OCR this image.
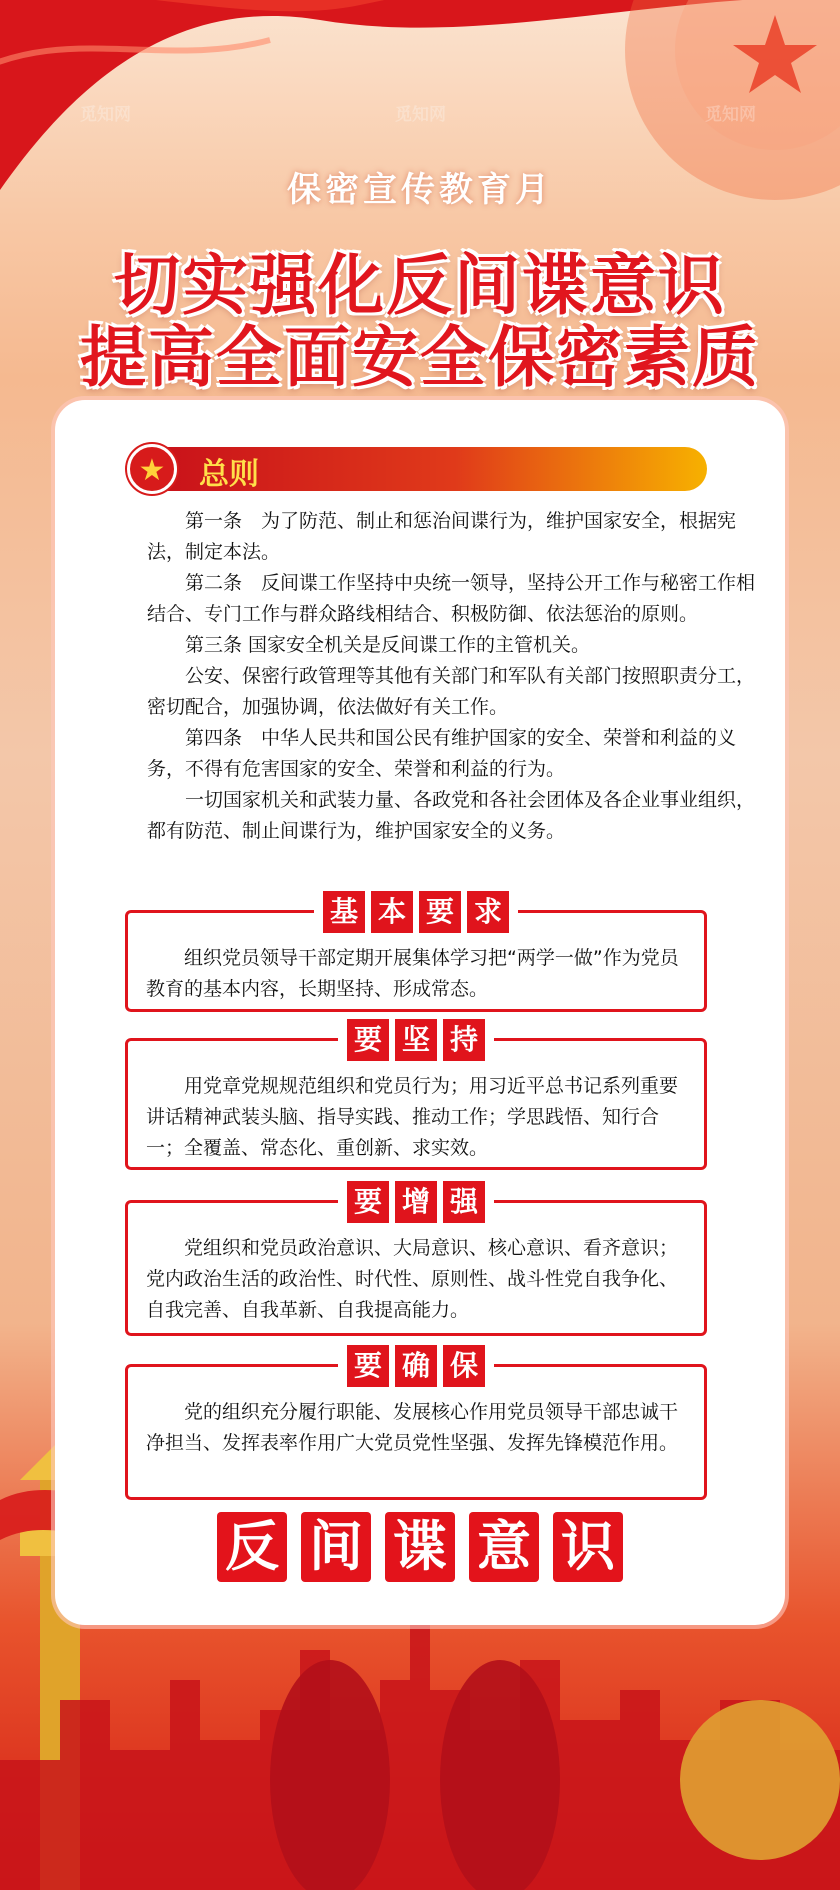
保密宣传教育月
切实强化反间谍意识
提高全面安全保密素质
★	总则

第一条　为了防范、制止和惩治间谍行为，维护国家安全，根据宪法，制定本法。

第二条　反间谍工作坚持中央统一领导，坚持公开工作与秘密工作相结合、专门工作与群众路线相结合、积极防御、依法惩治的原则。

第三条 国家安全机关是反间谍工作的主管机关。

公安、保密行政管理等其他有关部门和军队有关部门按照职责分工，密切配合，加强协调，依法做好有关工作。

第四条　中华人民共和国公民有维护国家的安全、荣誉和利益的义务，不得有危害国家的安全、荣誉和利益的行为。

一切国家机关和武装力量、各政党和各社会团体及各企业事业组织，都有防范、制止间谍行为，维护国家安全的义务。

基 本 要 求
组织党员领导干部定期开展集体学习把“两学一做”作为党员教育的基本内容，长期坚持、形成常态。
要 坚 持
用党章党规规范组织和党员行为；用习近平总书记系列重要讲话精神武装头脑、指导实践、推动工作；学思践悟、知行合一；全覆盖、常态化、重创新、求实效。
要 增 强
党组织和党员政治意识、大局意识、核心意识、看齐意识；党内政治生活的政治性、时代性、原则性、战斗性党自我争化、自我完善、自我革新、自我提高能力。
要 确 保
党的组织充分履行职能、发展核心作用党员领导干部忠诚干净担当、发挥表率作用广大党员党性坚强、发挥先锋模范作用。
反 间 谍 意 识
觅知网	觅知网	觅知网
